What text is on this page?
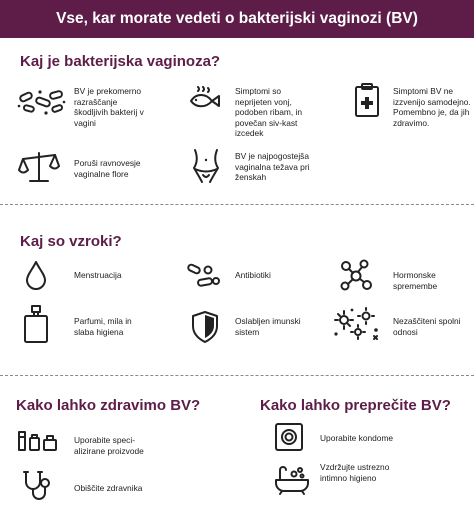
Vse, kar morate vedeti o bakterijski vaginozi (BV)
Kaj je bakterijska vaginoza?
BV je prekomerno razraščanje škodljivih bakterij v vagini
Simptomi so neprijeten vonj, podoben ribam, in povečan siv-kast izcedek
Simptomi BV ne izzvenijo samodejno. Pomembno je, da jih zdravimo.
Poruši ravnovesje vaginalne flore
BV je najpogostejša vaginalna težava pri ženskah
Kaj so vzroki?
Menstruacija	Antibiotiki	Hormonske spremembe
Parfumi, mila in slaba higiena
Oslabljen imunski sistem
Nezaščiteni spolni odnosi
Kako lahko zdravimo BV?
Uporabite speci-alizirane proizvode
Obiščite zdravnika
Kako lahko preprečite BV?
Uporabite kondome
Vzdržujte ustrezno intimno higieno
